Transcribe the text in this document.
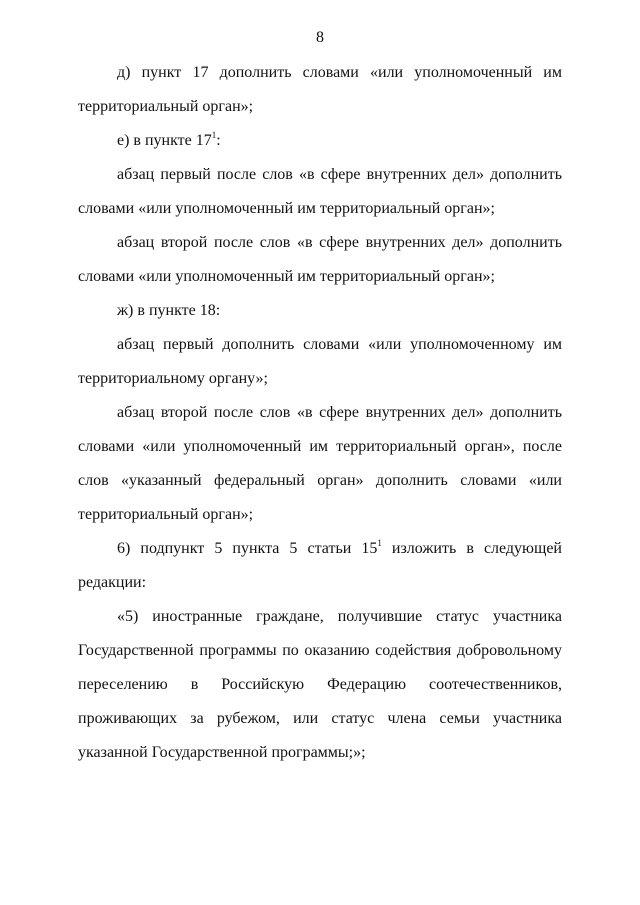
8

д) пункт 17 дополнить словами «или уполномоченный им территориальный орган»;

е) в пункте $17^1$:

абзац первый после слов «в сфере внутренних дел» дополнить словами «или уполномоченный им территориальный орган»;

абзац второй после слов «в сфере внутренних дел» дополнить словами «или уполномоченный им территориальный орган»;

ж) в пункте 18:

абзац первый дополнить словами «или уполномоченному им территориальному органу»;

абзац второй после слов «в сфере внутренних дел» дополнить словами «или уполномоченный им территориальный орган», после слов «указанный федеральный орган» дополнить словами «или территориальный орган»;

6) подпункт 5 пункта 5 статьи $15^1$ изложить в следующей редакции:

«5) иностранные граждане, получившие статус участника Государственной программы по оказанию содействия добровольному переселению в Российскую Федерацию соотечественников, проживающих за рубежом, или статус члена семьи участника указанной Государственной программы;»;
